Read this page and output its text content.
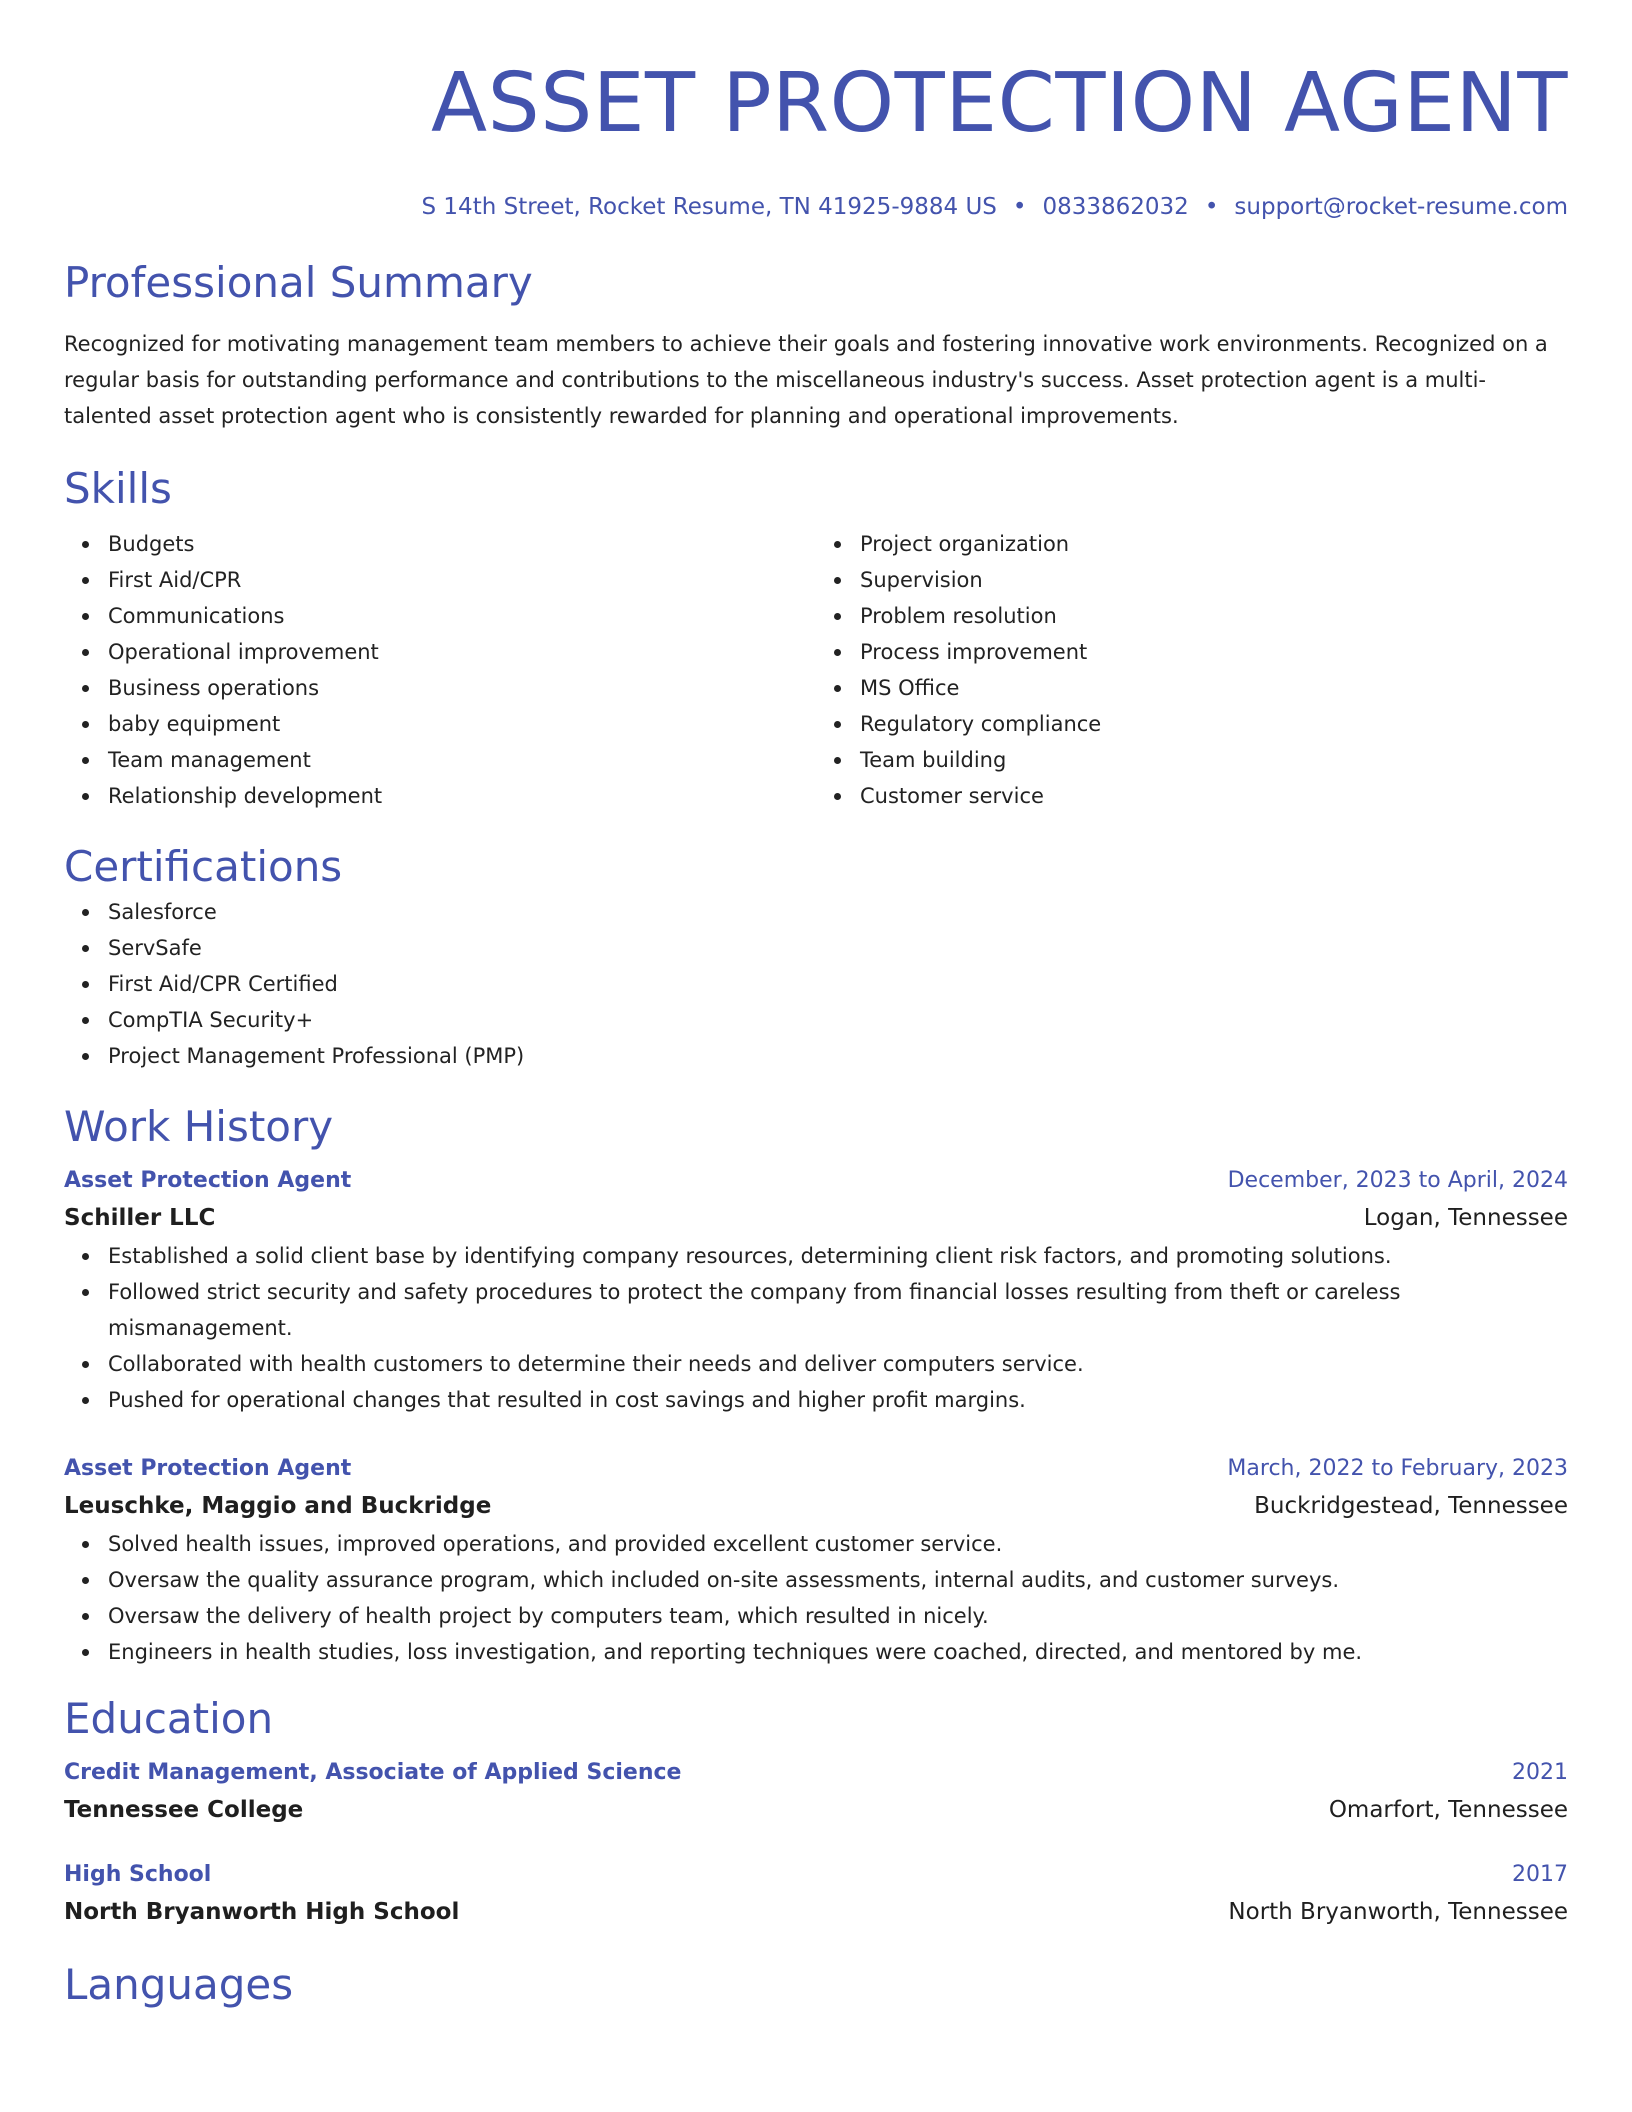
ASSET PROTECTION AGENT
S 14th Street, Rocket Resume, TN 41925-9884 US • 0833862032 • support@rocket-resume.com
Professional Summary

Recognized for motivating management team members to achieve their goals and fostering innovative work environments. Recognized on a regular basis for outstanding performance and contributions to the miscellaneous industry's success. Asset protection agent is a multi-talented asset protection agent who is consistently rewarded for planning and operational improvements.

Skills
Budgets
First Aid/CPR
Communications
Operational improvement
Business operations
baby equipment
Team management
Relationship development
Project organization
Supervision
Problem resolution
Process improvement
MS Office
Regulatory compliance
Team building
Customer service
Certifications
Salesforce
ServSafe
First Aid/CPR Certified
CompTIA Security+
Project Management Professional (PMP)
Work History
Asset Protection Agent	December, 2023 to April, 2024
Schiller LLC	Logan, Tennessee
Established a solid client base by identifying company resources, determining client risk factors, and promoting solutions.
Followed strict security and safety procedures to protect the company from financial losses resulting from theft or careless mismanagement.
Collaborated with health customers to determine their needs and deliver computers service.
Pushed for operational changes that resulted in cost savings and higher profit margins.
Asset Protection Agent	March, 2022 to February, 2023
Leuschke, Maggio and Buckridge	Buckridgestead, Tennessee
Solved health issues, improved operations, and provided excellent customer service.
Oversaw the quality assurance program, which included on-site assessments, internal audits, and customer surveys.
Oversaw the delivery of health project by computers team, which resulted in nicely.
Engineers in health studies, loss investigation, and reporting techniques were coached, directed, and mentored by me.
Education
Credit Management, Associate of Applied Science	2021
Tennessee College	Omarfort, Tennessee
High School	2017
North Bryanworth High School	North Bryanworth, Tennessee
Languages
